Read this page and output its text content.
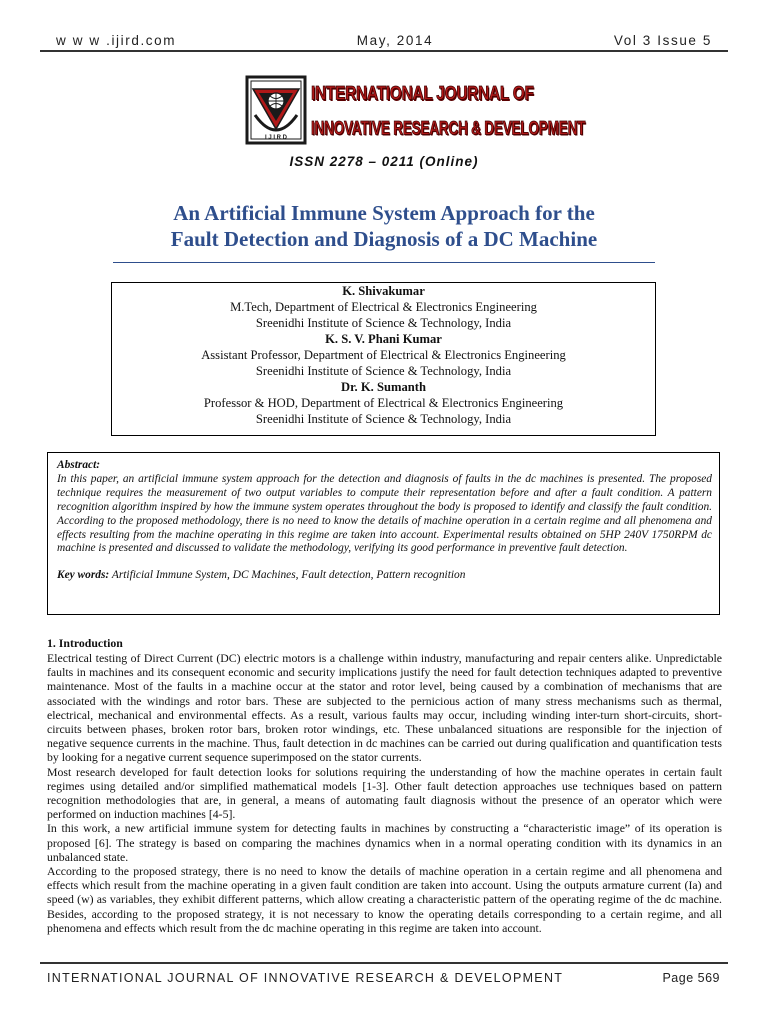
w w w .ijird.com	May, 2014	Vol 3 Issue 5
I J I R D
INTERNATIONAL JOURNAL OF
INNOVATIVE RESEARCH & DEVELOPMENT
ISSN 2278 – 0211 (Online)
An Artificial Immune System Approach for the
Fault Detection and Diagnosis of a DC Machine
K. Shivakumar
M.Tech, Department of Electrical & Electronics Engineering
Sreenidhi Institute of Science & Technology, India
K. S. V. Phani Kumar
Assistant Professor, Department of Electrical & Electronics Engineering
Sreenidhi Institute of Science & Technology, India
Dr. K. Sumanth
Professor & HOD, Department of Electrical & Electronics Engineering
Sreenidhi Institute of Science & Technology, India
Abstract:
In this paper, an artificial immune system approach for the detection and diagnosis of faults in the dc machines is presented. The proposed technique requires the measurement of two output variables to compute their representation before and after a fault condition. A pattern recognition algorithm inspired by how the immune system operates throughout the body is proposed to identify and classify the fault condition. According to the proposed methodology, there is no need to know the details of machine operation in a certain regime and all phenomena and effects resulting from the machine operating in this regime are taken into account. Experimental results obtained on 5HP 240V 1750RPM dc machine is presented and discussed to validate the methodology, verifying its good performance in preventive fault detection.
Key words: Artificial Immune System, DC Machines, Fault detection, Pattern recognition
1. Introduction

Electrical testing of Direct Current (DC) electric motors is a challenge within industry, manufacturing and repair centers alike. Unpredictable faults in machines and its consequent economic and security implications justify the need for fault detection techniques adapted to preventive maintenance. Most of the faults in a machine occur at the stator and rotor level, being caused by a combination of mechanisms that are associated with the windings and rotor bars. These are subjected to the pernicious action of many stress mechanisms such as thermal, electrical, mechanical and environmental effects. As a result, various faults may occur, including winding inter-turn short-circuits, short-circuits between phases, broken rotor bars, broken rotor windings, etc. These unbalanced situations are responsible for the injection of negative sequence currents in the machine. Thus, fault detection in dc machines can be carried out during qualification and quantification tests by looking for a negative current sequence superimposed on the stator currents.

Most research developed for fault detection looks for solutions requiring the understanding of how the machine operates in certain fault regimes using detailed and/or simplified mathematical models [1-3]. Other fault detection approaches use techniques based on pattern recognition methodologies that are, in general, a means of automating fault diagnosis without the presence of an operator which were performed on induction machines [4-5].

In this work, a new artificial immune system for detecting faults in machines by constructing a “characteristic image” of its operation is proposed [6]. The strategy is based on comparing the machines dynamics when in a normal operating condition with its dynamics in an unbalanced state.

According to the proposed strategy, there is no need to know the details of machine operation in a certain regime and all phenomena and effects which result from the machine operating in a given fault condition are taken into account. Using the outputs armature current (Ia) and speed (w) as variables, they exhibit different patterns, which allow creating a characteristic pattern of the operating regime of the dc machine. Besides, according to the proposed strategy, it is not necessary to know the operating details corresponding to a certain regime, and all phenomena and effects which result from the dc machine operating in this regime are taken into account.

INTERNATIONAL JOURNAL OF INNOVATIVE RESEARCH & DEVELOPMENT	Page 569
